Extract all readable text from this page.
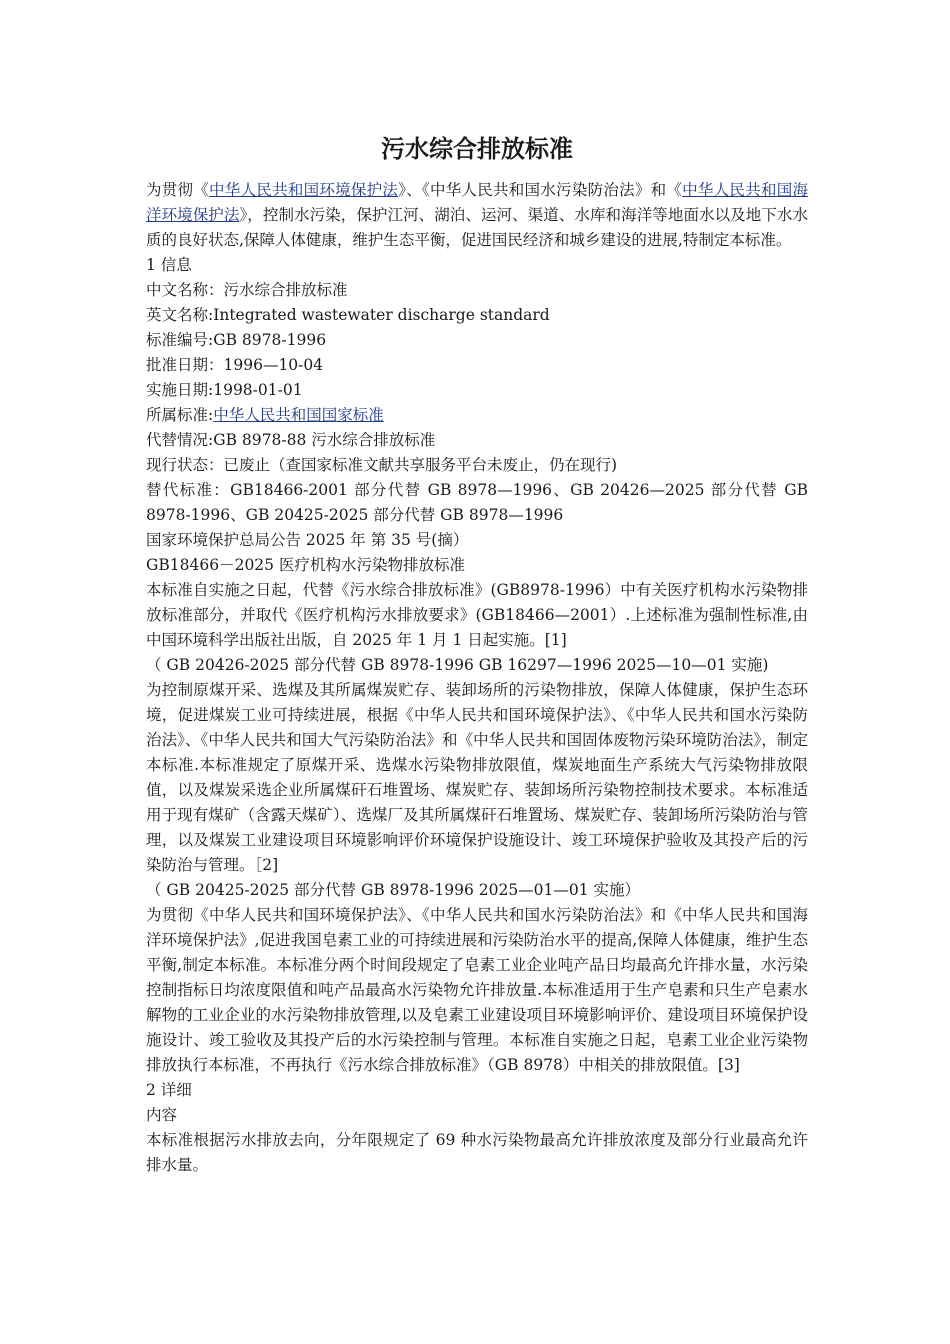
污水综合排放标准

为贯彻《中华人民共和国环境保护法》、《中华人民共和国水污染防治法》和《中华人民共和国海洋环境保护法》，控制水污染，保护江河、湖泊、运河、渠道、水库和海洋等地面水以及地下水水质的良好状态,保障人体健康，维护生态平衡，促进国民经济和城乡建设的进展,特制定本标准。

1 信息

中文名称：污水综合排放标准

英文名称:Integrated wastewater discharge standard

标准编号:GB 8978-1996

批准日期：1996—10-04

实施日期:1998-01-01

所属标准:中华人民共和国国家标准

代替情况:GB 8978-88 污水综合排放标准

现行状态：已废止（查国家标准文献共享服务平台未废止，仍在现行)

替代标准：GB18466-2001 部分代替 GB 8978—1996、GB 20426—2025 部分代替 GB 8978-1996、GB 20425-2025 部分代替 GB 8978—1996

国家环境保护总局公告 2025 年 第 35 号(摘）

GB18466－2025 医疗机构水污染物排放标准

本标准自实施之日起，代替《污水综合排放标准》(GB8978-1996）中有关医疗机构水污染物排放标准部分，并取代《医疗机构污水排放要求》(GB18466—2001）.上述标准为强制性标准,由中国环境科学出版社出版，自 2025 年 1 月 1 日起实施。[1]

（ GB 20426-2025 部分代替 GB 8978-1996 GB 16297—1996 2025—10—01 实施)

为控制原煤开采、选煤及其所属煤炭贮存、装卸场所的污染物排放，保障人体健康，保护生态环境，促进煤炭工业可持续进展，根据《中华人民共和国环境保护法》、《中华人民共和国水污染防治法》、《中华人民共和国大气污染防治法》和《中华人民共和国固体废物污染环境防治法》，制定本标准.本标准规定了原煤开采、选煤水污染物排放限值，煤炭地面生产系统大气污染物排放限值，以及煤炭采选企业所属煤矸石堆置场、煤炭贮存、装卸场所污染物控制技术要求。本标准适用于现有煤矿（含露天煤矿）、选煤厂及其所属煤矸石堆置场、煤炭贮存、装卸场所污染防治与管理，以及煤炭工业建设项目环境影响评价环境保护设施设计、竣工环境保护验收及其投产后的污染防治与管理。［2]

（ GB 20425-2025 部分代替 GB 8978-1996 2025—01—01 实施）

为贯彻《中华人民共和国环境保护法》、《中华人民共和国水污染防治法》和《中华人民共和国海洋环境保护法》,促进我国皂素工业的可持续进展和污染防治水平的提高,保障人体健康，维护生态平衡,制定本标准。本标准分两个时间段规定了皂素工业企业吨产品日均最高允许排水量，水污染控制指标日均浓度限值和吨产品最高水污染物允许排放量.本标准适用于生产皂素和只生产皂素水解物的工业企业的水污染物排放管理,以及皂素工业建设项目环境影响评价、建设项目环境保护设施设计、竣工验收及其投产后的水污染控制与管理。本标准自实施之日起，皂素工业企业污染物排放执行本标准，不再执行《污水综合排放标准》（GB 8978）中相关的排放限值。[3]

2 详细

内容

本标准根据污水排放去向，分年限规定了 69 种水污染物最高允许排放浓度及部分行业最高允许排水量。
